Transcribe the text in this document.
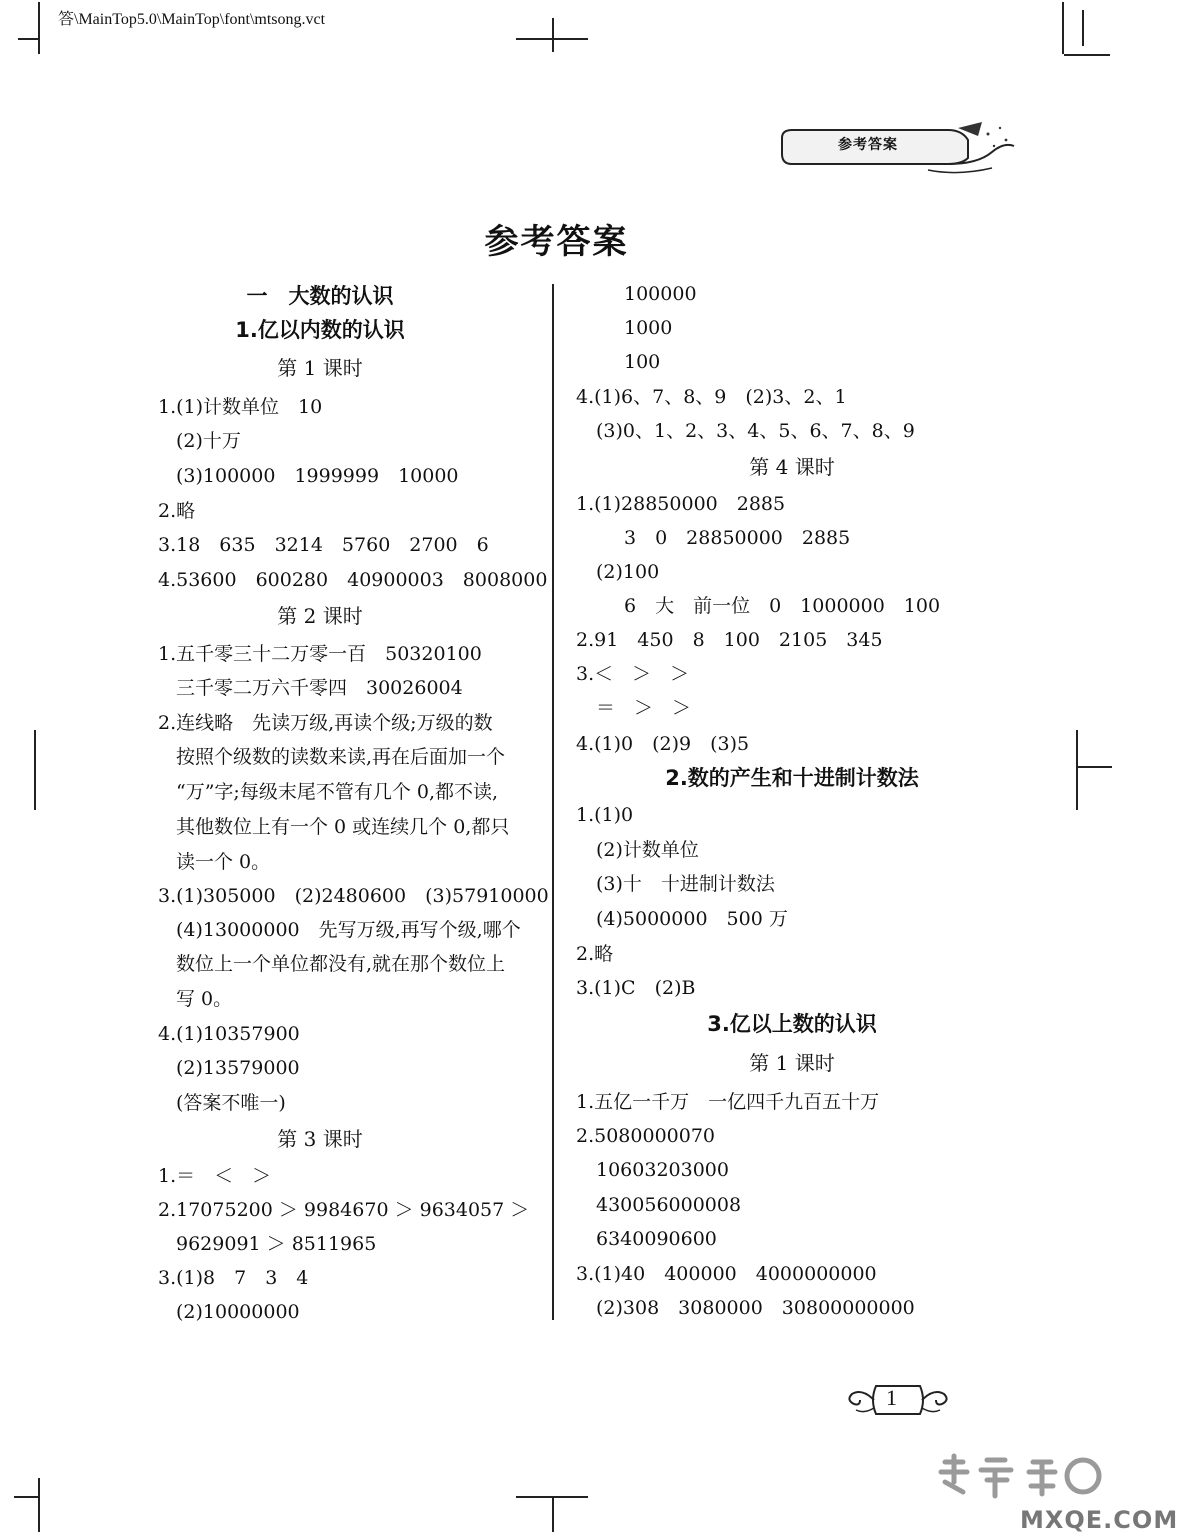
答\MainTop5.0\MainTop\font\mtsong.vct
参考答案
参考答案
一　大数的认识
1.亿以内数的认识
第 1 课时
1.(1)计数单位　10
(2)十万
(3)100000　1999999　10000
2.略
3.18　635　3214　5760　2700　6
4.53600　600280　40900003　8008000
第 2 课时
1.五千零三十二万零一百　50320100
三千零二万六千零四　30026004
2.连线略　先读万级,再读个级;万级的数
按照个级数的读数来读,再在后面加一个
“万”字;每级末尾不管有几个 0,都不读,
其他数位上有一个 0 或连续几个 0,都只
读一个 0。
3.(1)305000　(2)2480600　(3)57910000
(4)13000000　先写万级,再写个级,哪个
数位上一个单位都没有,就在那个数位上
写 0。
4.(1)10357900
(2)13579000
(答案不唯一)
第 3 课时
1.＝　＜　＞
2.17075200 ＞ 9984670 ＞ 9634057 ＞
9629091 ＞ 8511965
3.(1)8　7　3　4
(2)10000000
100000
1000
100
4.(1)6、7、8、9　(2)3、2、1
(3)0、1、2、3、4、5、6、7、8、9
第 4 课时
1.(1)28850000　2885
3　0　28850000　2885
(2)100
6　大　前一位　0　1000000　100
2.91　450　8　100　2105　345
3.＜　＞　＞
＝　＞　＞
4.(1)0　(2)9　(3)5
2.数的产生和十进制计数法
1.(1)0
(2)计数单位
(3)十　十进制计数法
(4)5000000　500 万
2.略
3.(1)C　(2)B
3.亿以上数的认识
第 1 课时
1.五亿一千万　一亿四千九百五十万
2.5080000070
10603203000
430056000008
6340090600
3.(1)40　400000　4000000000
(2)308　3080000　30800000000
1
MXQE.COM
